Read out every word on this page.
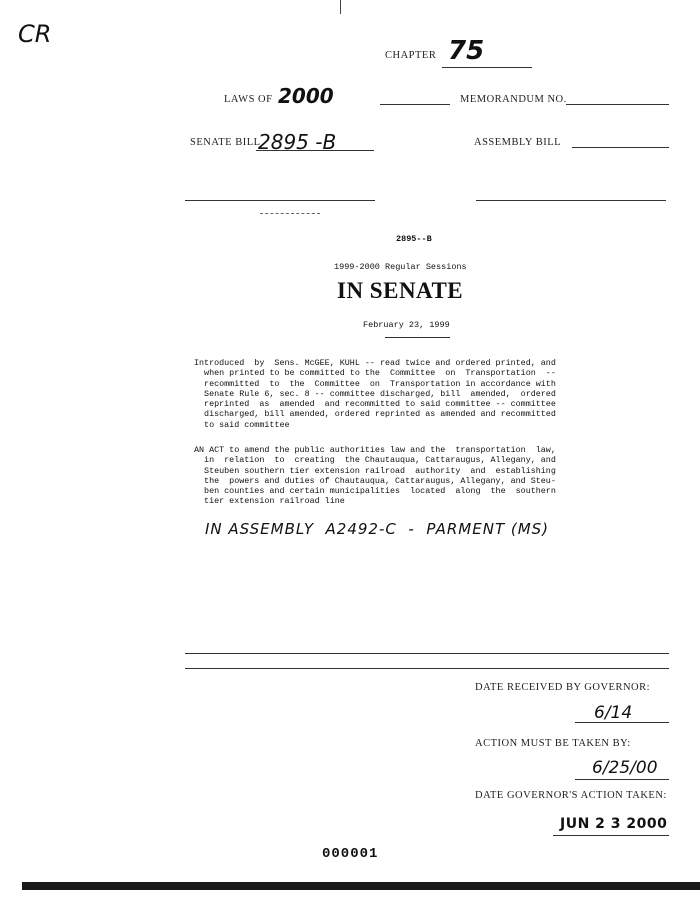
CR
CHAPTER 75
LAWS OF 2000	MEMORANDUM NO.
SENATE BILL
2895 -B	ASSEMBLY BILL
2895--B
1999-2000 Regular Sessions
IN SENATE
February 23, 1999
Introduced  by  Sens. McGEE, KUHL -- read twice and ordered printed, and
when printed to be committed to the  Committee  on  Transportation  --
recommitted  to  the  Committee  on  Transportation in accordance with
Senate Rule 6, sec. 8 -- committee discharged, bill  amended,  ordered
reprinted  as  amended  and recommitted to said committee -- committee
discharged, bill amended, ordered reprinted as amended and recommitted
to said committee
AN ACT to amend the public authorities law and the  transportation  law,
in  relation  to  creating  the Chautauqua, Cattaraugus, Allegany, and
Steuben southern tier extension railroad  authority  and  establishing
the  powers and duties of Chautauqua, Cattaraugus, Allegany, and Steu-
ben counties and certain municipalities  located  along  the  southern
tier extension railroad line
IN ASSEMBLY  A2492-C  -  PARMENT (MS)
DATE RECEIVED BY GOVERNOR:
6/14
ACTION MUST BE TAKEN BY:
6/25/00
DATE GOVERNOR'S ACTION TAKEN:
JUN 2 3 2000
000001
